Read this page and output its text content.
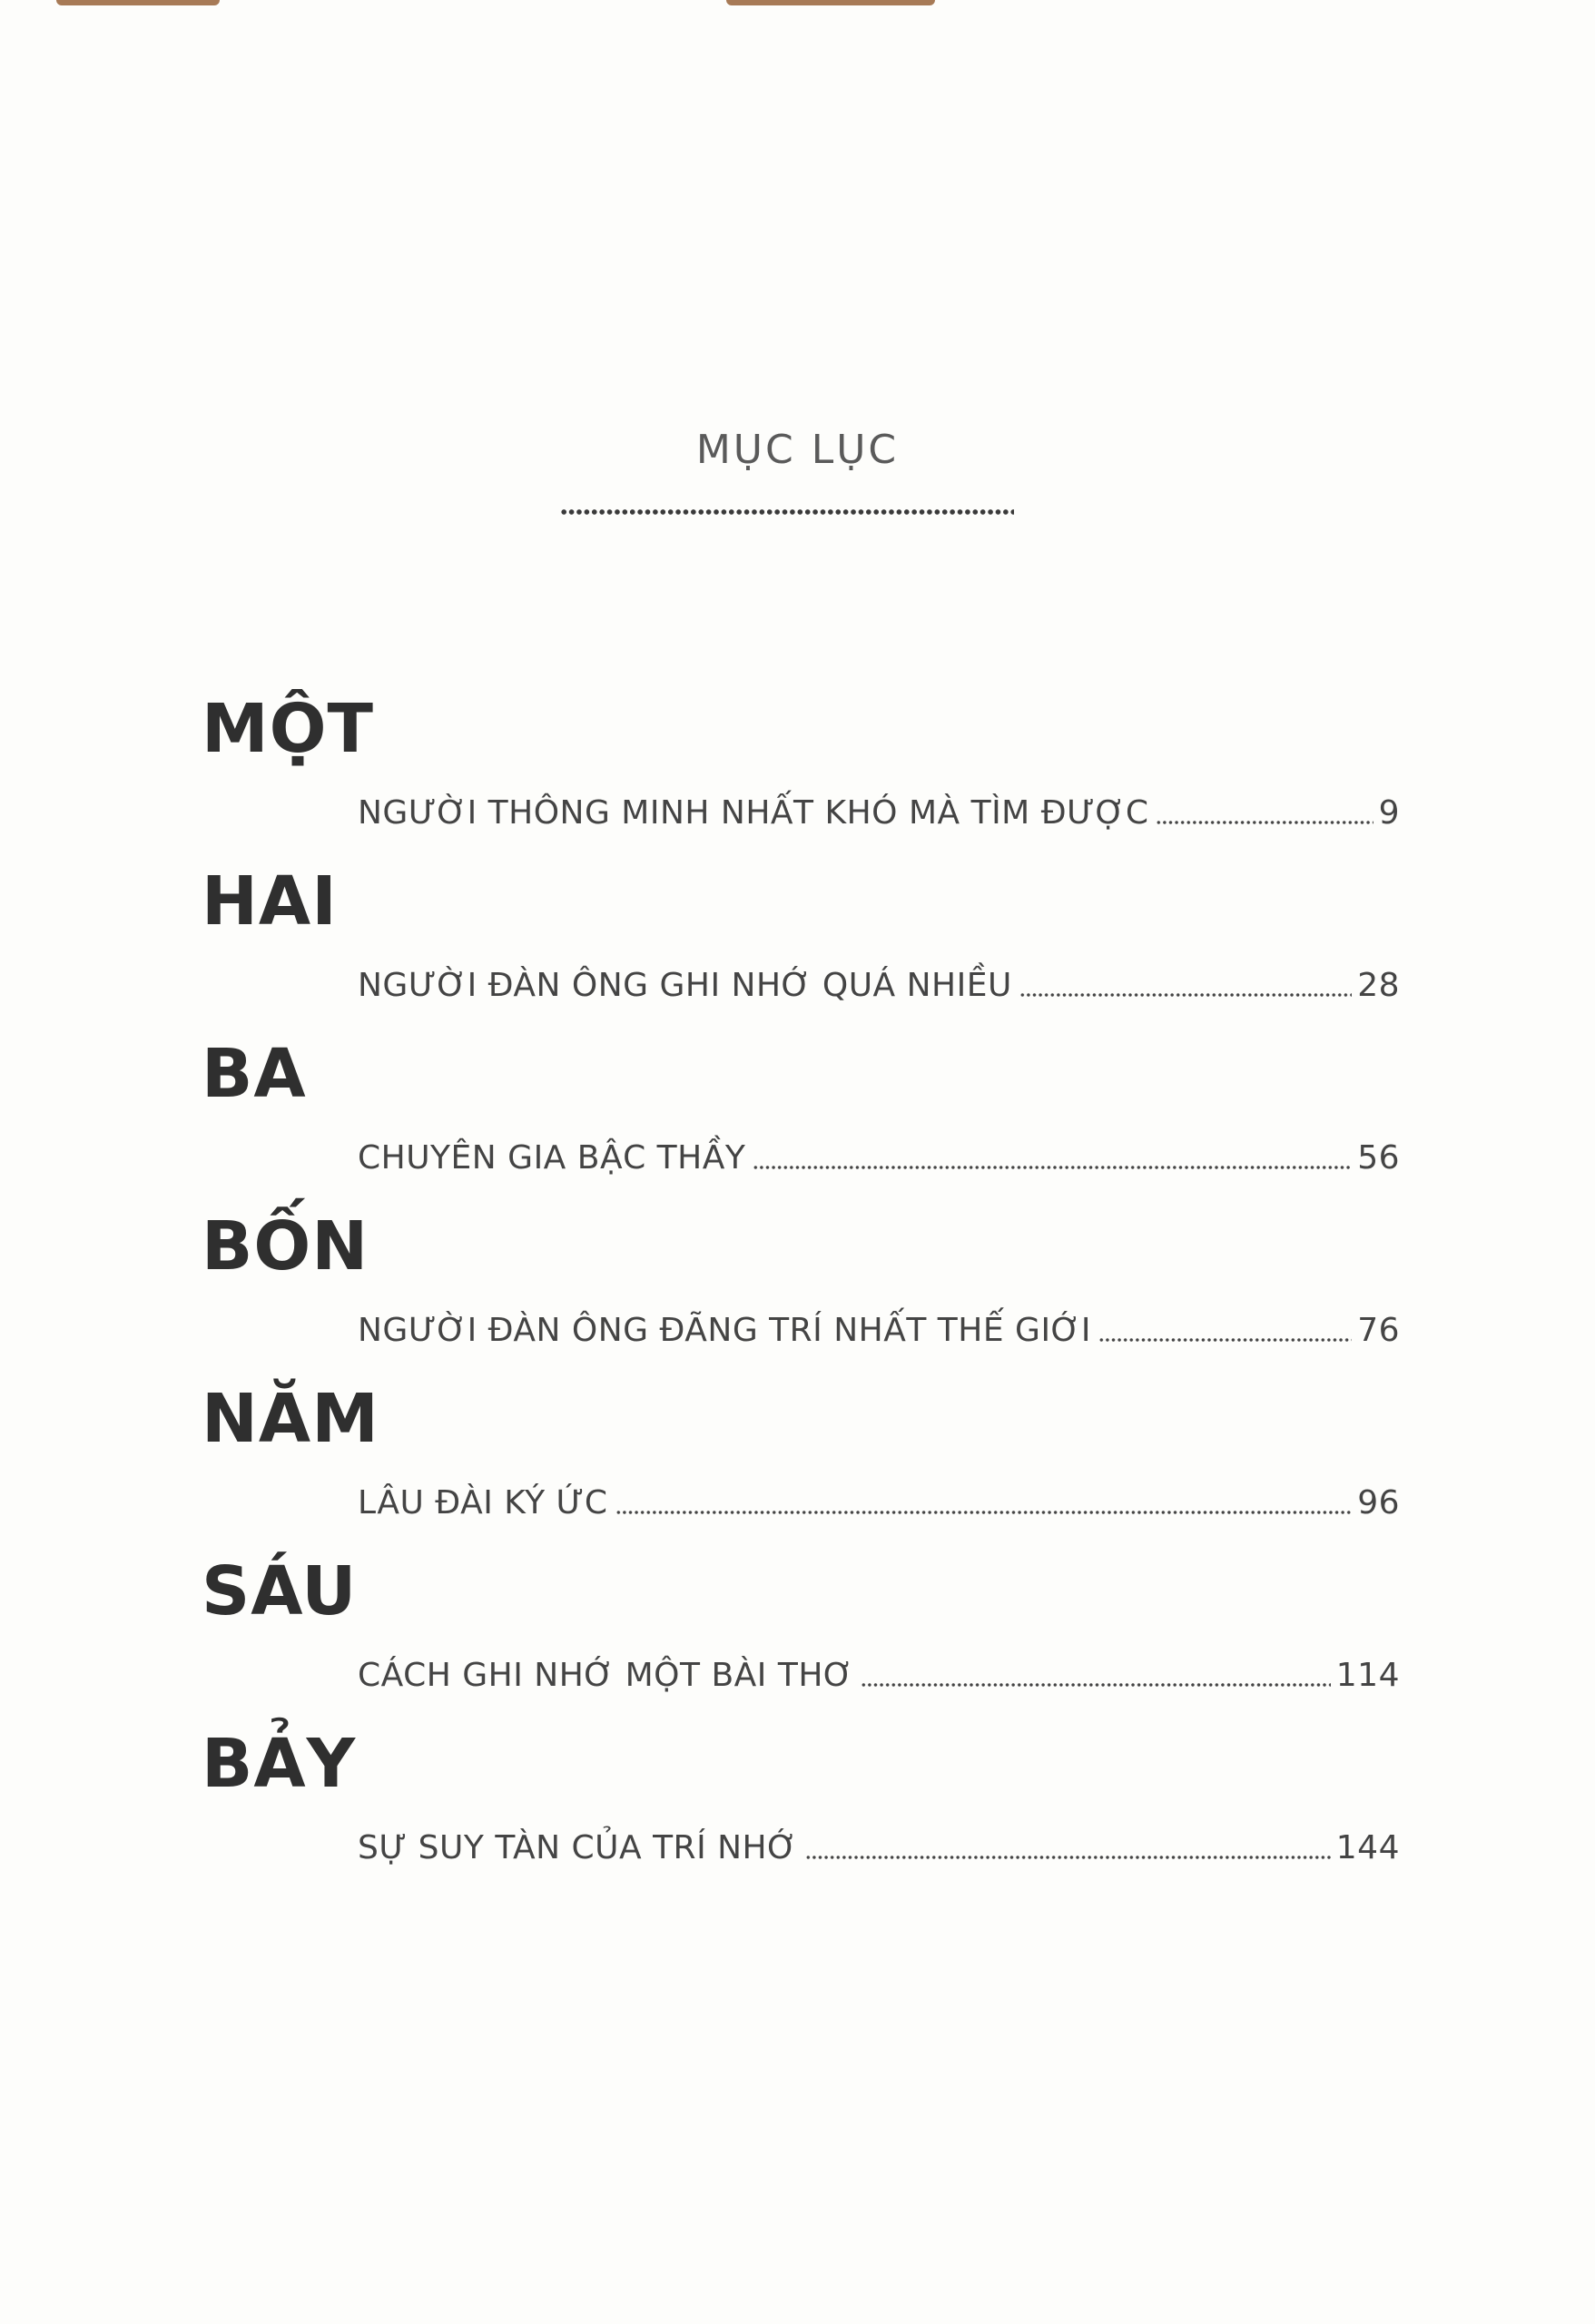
MỤC LỤC
MỘT
NGƯỜI THÔNG MINH NHẤT KHÓ MÀ TÌM ĐƯỢC	9
HAI
NGƯỜI ĐÀN ÔNG GHI NHỚ QUÁ NHIỀU	28
BA
CHUYÊN GIA BẬC THẦY	56
BỐN
NGƯỜI ĐÀN ÔNG ĐÃNG TRÍ NHẤT THẾ GIỚI	76
NĂM
LÂU ĐÀI KÝ ỨC	96
SÁU
CÁCH GHI NHỚ MỘT BÀI THƠ	114
BẢY
SỰ SUY TÀN CỦA TRÍ NHỚ	144
